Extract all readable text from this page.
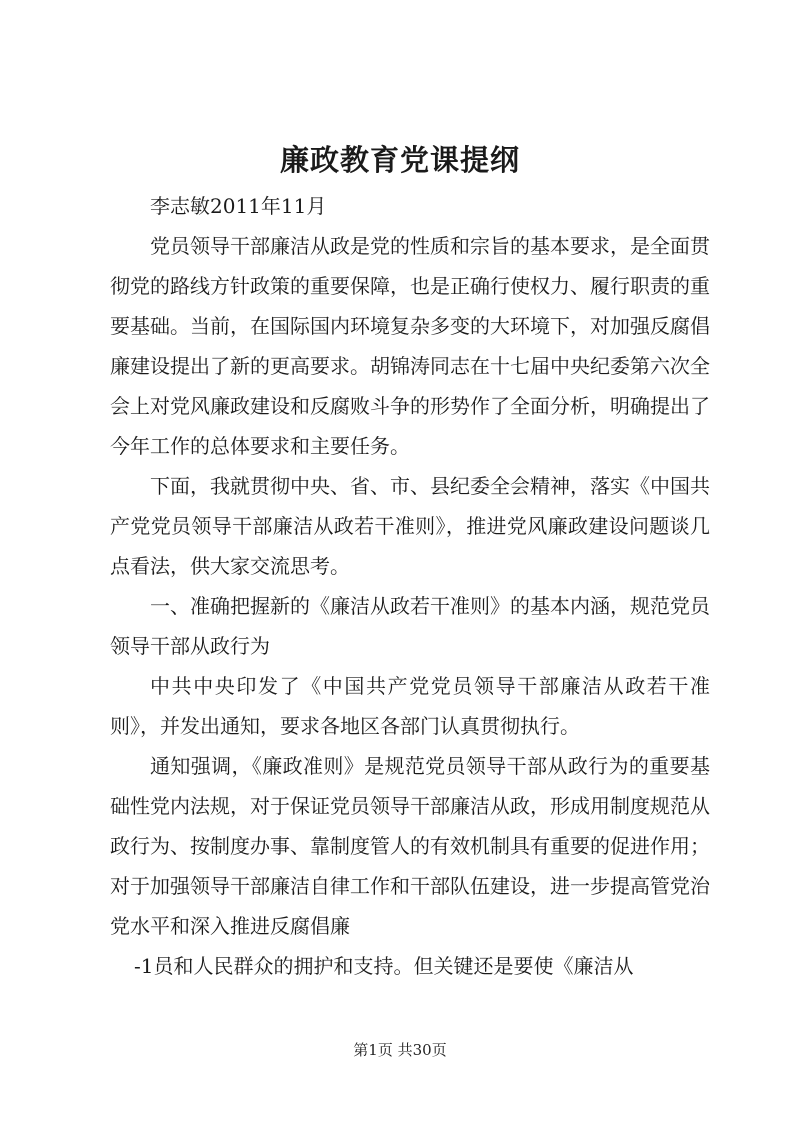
廉政教育党课提纲

李志敏2011年11月

党员领导干部廉洁从政是党的性质和宗旨的基本要求，是全面贯彻党的路线方针政策的重要保障，也是正确行使权力、履行职责的重要基础。当前，在国际国内环境复杂多变的大环境下，对加强反腐倡廉建设提出了新的更高要求。胡锦涛同志在十七届中央纪委第六次全会上对党风廉政建设和反腐败斗争的形势作了全面分析，明确提出了今年工作的总体要求和主要任务。

下面，我就贯彻中央、省、市、县纪委全会精神，落实《中国共产党党员领导干部廉洁从政若干准则》，推进党风廉政建设问题谈几点看法，供大家交流思考。

一、准确把握新的《廉洁从政若干准则》的基本内涵，规范党员领导干部从政行为

中共中央印发了《中国共产党党员领导干部廉洁从政若干准则》，并发出通知，要求各地区各部门认真贯彻执行。

通知强调，《廉政准则》是规范党员领导干部从政行为的重要基础性党内法规，对于保证党员领导干部廉洁从政，形成用制度规范从政行为、按制度办事、靠制度管人的有效机制具有重要的促进作用；对于加强领导干部廉洁自律工作和干部队伍建设，进一步提高管党治党水平和深入推进反腐倡廉

-1员和人民群众的拥护和支持。但关键还是要使《廉洁从

第1页 共30页
